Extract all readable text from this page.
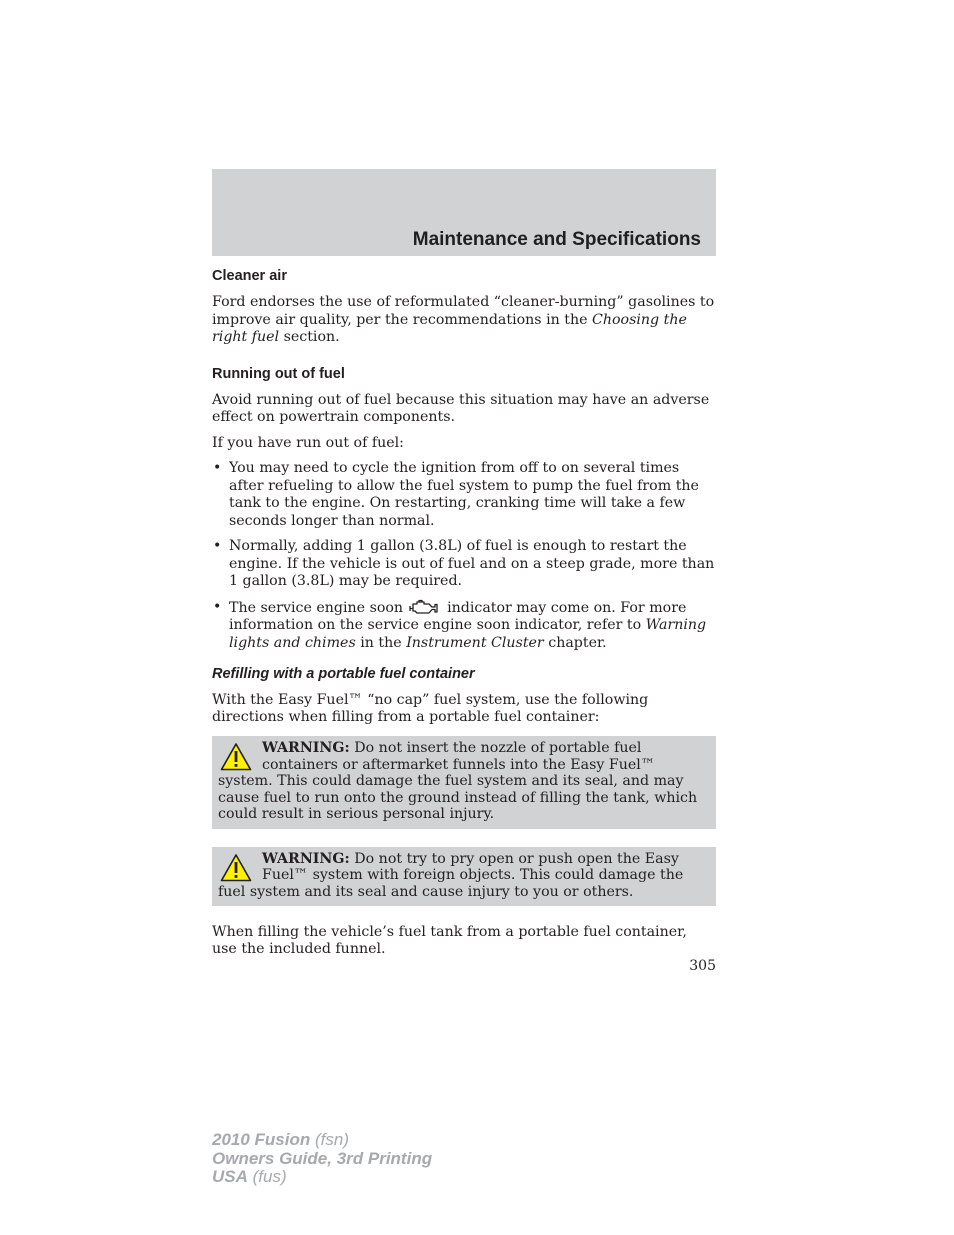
Maintenance and Specifications
Cleaner air

Ford endorses the use of reformulated “cleaner-burning” gasolines to improve air quality, per the recommendations in the Choosing the right fuel section.

Running out of fuel

Avoid running out of fuel because this situation may have an adverse effect on powertrain components.

If you have run out of fuel:

• You may need to cycle the ignition from off to on several times after refueling to allow the fuel system to pump the fuel from the tank to the engine. On restarting, cranking time will take a few seconds longer than normal.
• Normally, adding 1 gallon (3.8L) of fuel is enough to restart the engine. If the vehicle is out of fuel and on a steep grade, more than 1 gallon (3.8L) may be required.
• The service engine soon	indicator may come on. For more information on the service engine soon indicator, refer to Warning lights and chimes in the Instrument Cluster chapter.
Refilling with a portable fuel container

With the Easy Fuel™ “no cap” fuel system, use the following directions when filling from a portable fuel container:

WARNING: Do not insert the nozzle of portable fuel containers or aftermarket funnels into the Easy Fuel™ system. This could damage the fuel system and its seal, and may cause fuel to run onto the ground instead of filling the tank, which could result in serious personal injury.
WARNING: Do not try to pry open or push open the Easy Fuel™ system with foreign objects. This could damage the fuel system and its seal and cause injury to you or others.

When filling the vehicle’s fuel tank from a portable fuel container, use the included funnel.

305
2010 Fusion (fsn)
Owners Guide, 3rd Printing
USA (fus)
